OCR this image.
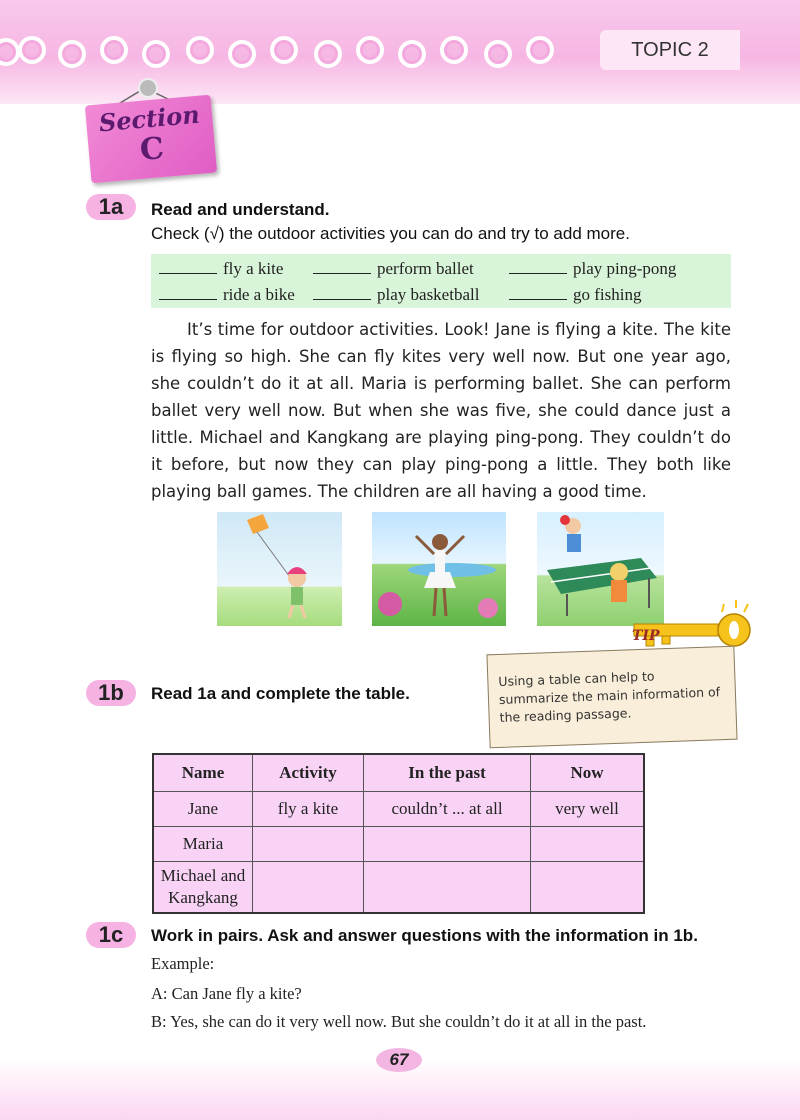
TOPIC 2
Section
C
1a	Read and understand.
Check (√) the outdoor activities you can do and try to add more.
fly a kite	perform ballet	play ping-pong
ride a bike	play basketball	go fishing

It’s time for outdoor activities. Look! Jane is flying a kite. The kite is flying so high. She can fly kites very well now. But one year ago, she couldn’t do it at all. Maria is performing ballet. She can perform ballet very well now. But when she was five, she could dance just a little. Michael and Kangkang are playing ping-pong. They couldn’t do it before, but now they can play ping-pong a little. They both like playing ball games. The children are all having a good time.

TIP
Using a table can help to summarize the main information of the reading passage.
1b	Read 1a and complete the table.
Name	Activity	In the past	Now
Jane	fly a kite	couldn’t ... at all	very well
Maria			
Michael and Kangkang			
1c	Work in pairs. Ask and answer questions with the information in 1b.
Example:
A: Can Jane fly a kite?
B: Yes, she can do it very well now. But she couldn’t do it at all in the past.
67
